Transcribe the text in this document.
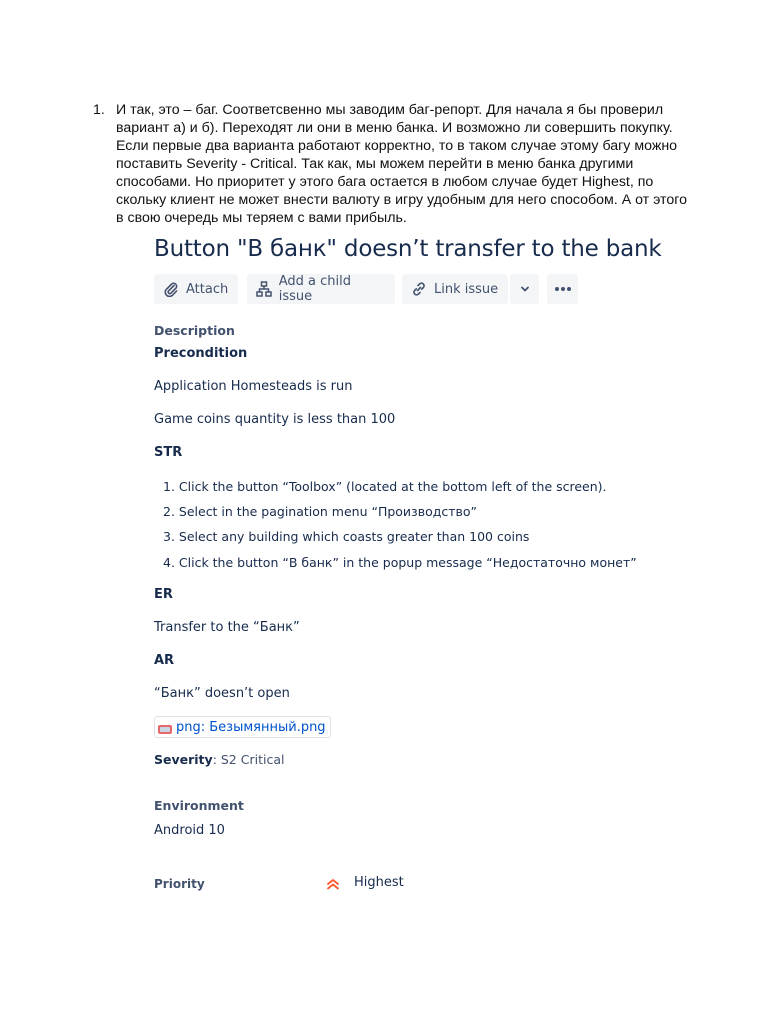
1. И так, это – баг. Соответсвенно мы заводим баг-репорт. Для начала я бы проверил вариант а) и б). Переходят ли они в меню банка. И возможно ли совершить покупку. Если первые два варианта работают корректно, то в таком случае этому багу можно поставить Severity - Critical. Так как, мы можем перейти в меню банка другими способами. Но приоритет у этого бага остается в любом случае будет Highest, по скольку клиент не может внести валюту в игру удобным для него способом. А от этого в свою очередь мы теряем с вами прибыль.
Button "В банк" doesn’t transfer to the bank
Attach	Add a child issue	Link issue
Description
Precondition
Application Homesteads is run
Game coins quantity is less than 100
STR
1. Click the button “Toolbox” (located at the bottom left of the screen).
2. Select in the pagination menu “Производство”
3. Select any building which coasts greater than 100 coins
4. Click the button “В банк” in the popup message “Недостаточно монет”
ER
Transfer to the “Банк”
AR
“Банк” doesn’t open
png: Безымянный.png
Severity: S2 Critical
Environment
Android 10
Priority	Highest
